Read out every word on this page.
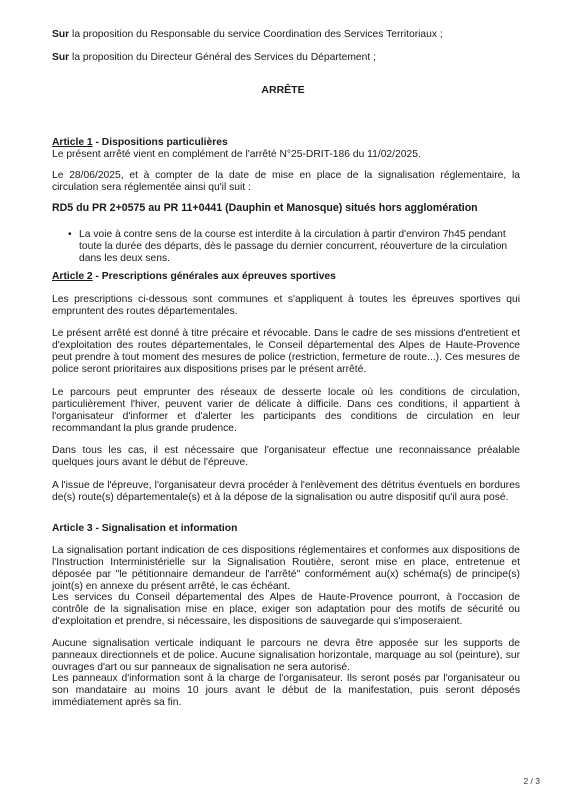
Sur la proposition du Responsable du service Coordination des Services Territoriaux ;

Sur la proposition du Directeur Général des Services du Département ;

ARRÊTE

Article 1 - Dispositions particulières

Le présent arrêté vient en complément de l'arrêté N°25-DRIT-186 du 11/02/2025.

Le 28/06/2025, et à compter de la date de mise en place de la signalisation réglementaire, la circulation sera réglementée ainsi qu'il suit :

RD5 du PR 2+0575 au PR 11+0441 (Dauphin et Manosque) situés hors agglomération

• La voie à contre sens de la course est interdite à la circulation à partir d'environ 7h45 pendant toute la durée des départs, dès le passage du dernier concurrent, réouverture de la circulation dans les deux sens.

Article 2 - Prescriptions générales aux épreuves sportives

Les prescriptions ci-dessous sont communes et s'appliquent à toutes les épreuves sportives qui empruntent des routes départementales.

Le présent arrêté est donné à titre précaire et révocable. Dans le cadre de ses missions d'entretient et d'exploitation des routes départementales, le Conseil départemental des Alpes de Haute-Provence peut prendre à tout moment des mesures de police (restriction, fermeture de route...). Ces mesures de police seront prioritaires aux dispositions prises par le présent arrêté.

Le parcours peut emprunter des réseaux de desserte locale où les conditions de circulation, particulièrement l'hiver, peuvent varier de délicate à difficile. Dans ces conditions, il appartient à l'organisateur d'informer et d'alerter les participants des conditions de circulation en leur recommandant la plus grande prudence.

Dans tous les cas, il est nécessaire que l'organisateur effectue une reconnaissance préalable quelques jours avant le début de l'épreuve.

A l'issue de l'épreuve, l'organisateur devra procéder à l'enlèvement des détritus éventuels en bordures de(s) route(s) départementale(s) et à la dépose de la signalisation ou autre dispositif qu'il aura posé.

Article 3 - Signalisation et information

La signalisation portant indication de ces dispositions réglementaires et conformes aux dispositions de l'Instruction Interministérielle sur la Signalisation Routière, seront mise en place, entretenue et déposée par "le pétitionnaire demandeur de l'arrêté" conformément au(x) schéma(s) de principe(s) joint(s) en annexe du présent arrêté, le cas échéant.

Les services du Conseil départemental des Alpes de Haute-Provence pourront, à l'occasion de contrôle de la signalisation mise en place, exiger son adaptation pour des motifs de sécurité ou d'exploitation et prendre, si nécessaire, les dispositions de sauvegarde qui s'imposeraient.

Aucune signalisation verticale indiquant le parcours ne devra être apposée sur les supports de panneaux directionnels et de police. Aucune signalisation horizontale, marquage au sol (peinture), sur ouvrages d'art ou sur panneaux de signalisation ne sera autorisé.

Les panneaux d'information sont à la charge de l'organisateur. Ils seront posés par l'organisateur ou son mandataire au moins 10 jours avant le début de la manifestation, puis seront déposés immédiatement après sa fin.

2 / 3
